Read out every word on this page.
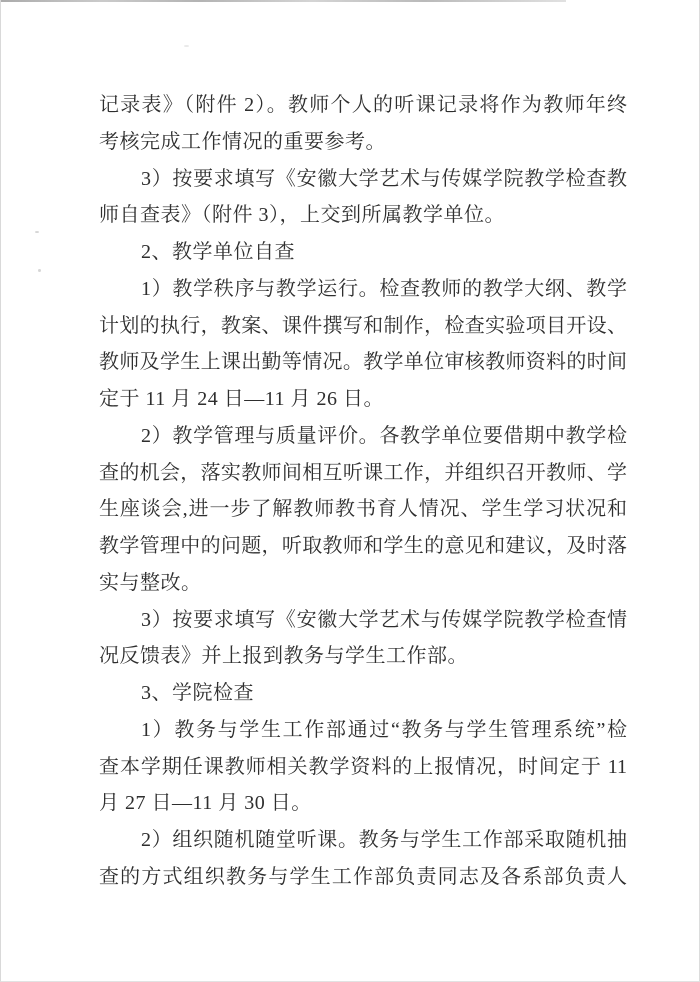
记录表》（附件 2）。教师个人的听课记录将作为教师年终
考核完成工作情况的重要参考。
3）按要求填写《安徽大学艺术与传媒学院教学检查教
师自查表》（附件 3），上交到所属教学单位。
2、教学单位自查
1）教学秩序与教学运行。检查教师的教学大纲、教学
计划的执行，教案、课件撰写和制作，检查实验项目开设、
教师及学生上课出勤等情况。教学单位审核教师资料的时间
定于 11 月 24 日—11 月 26 日。
2）教学管理与质量评价。各教学单位要借期中教学检
查的机会，落实教师间相互听课工作，并组织召开教师、学
生座谈会,进一步了解教师教书育人情况、学生学习状况和
教学管理中的问题，听取教师和学生的意见和建议，及时落
实与整改。
3）按要求填写《安徽大学艺术与传媒学院教学检查情
况反馈表》并上报到教务与学生工作部。
3、学院检查
1）教务与学生工作部通过“教务与学生管理系统”检
查本学期任课教师相关教学资料的上报情况，时间定于 11
月 27 日—11 月 30 日。
2）组织随机随堂听课。教务与学生工作部采取随机抽
查的方式组织教务与学生工作部负责同志及各系部负责人
